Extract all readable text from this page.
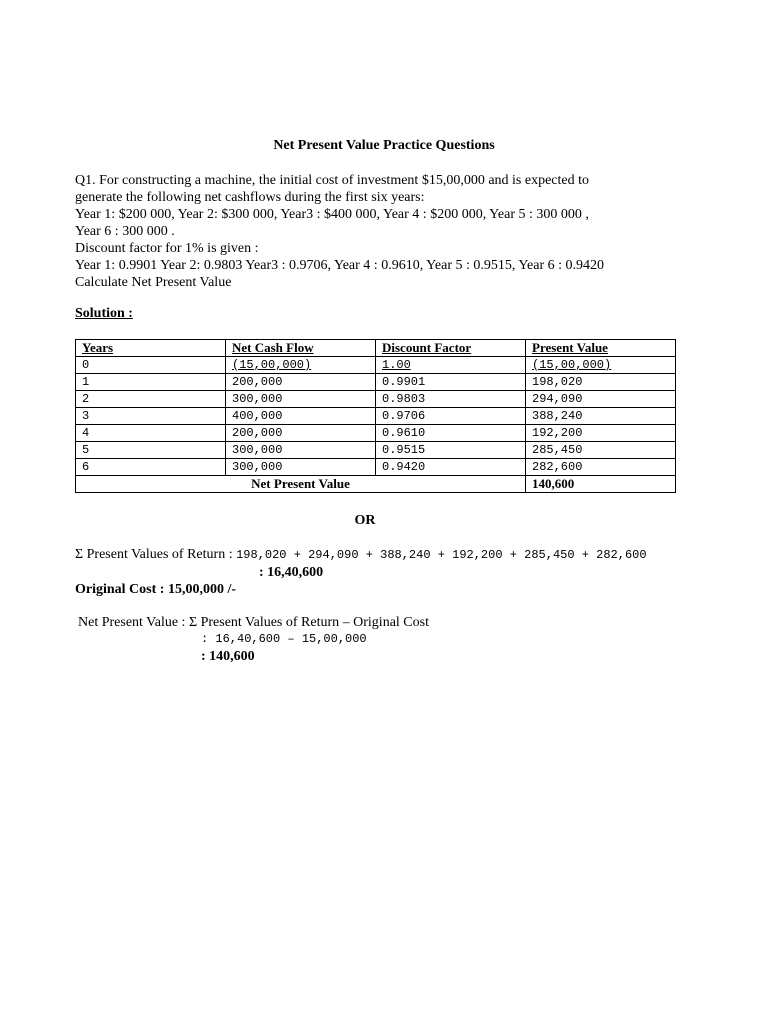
Net Present Value Practice Questions
Q1. For constructing a machine, the initial cost of investment $15,00,000 and is expected to
generate the following net cashflows during the first six years:
Year 1: $200 000, Year 2: $300 000, Year3 : $400 000, Year 4 : $200 000, Year 5 : 300 000 ,
Year 6 : 300 000 .
Discount factor for 1% is given :
Year 1: 0.9901 Year 2: 0.9803 Year3 : 0.9706, Year 4 : 0.9610, Year 5 : 0.9515, Year 6 : 0.9420
Calculate Net Present Value
Solution :
Years	Net Cash Flow	Discount Factor	Present Value
0	(15,00,000)	1.00	(15,00,000)
1	200,000	0.9901	198,020
2	300,000	0.9803	294,090
3	400,000	0.9706	388,240
4	200,000	0.9610	192,200
5	300,000	0.9515	285,450
6	300,000	0.9420	282,600
Net Present Value			140,600
OR
Σ Present Values of Return : 198,020 + 294,090 + 388,240 + 192,200 + 285,450 + 282,600
: 16,40,600
Original Cost : 15,00,000 /-
Net Present Value : Σ Present Values of Return – Original Cost
: 16,40,600 – 15,00,000
: 140,600
